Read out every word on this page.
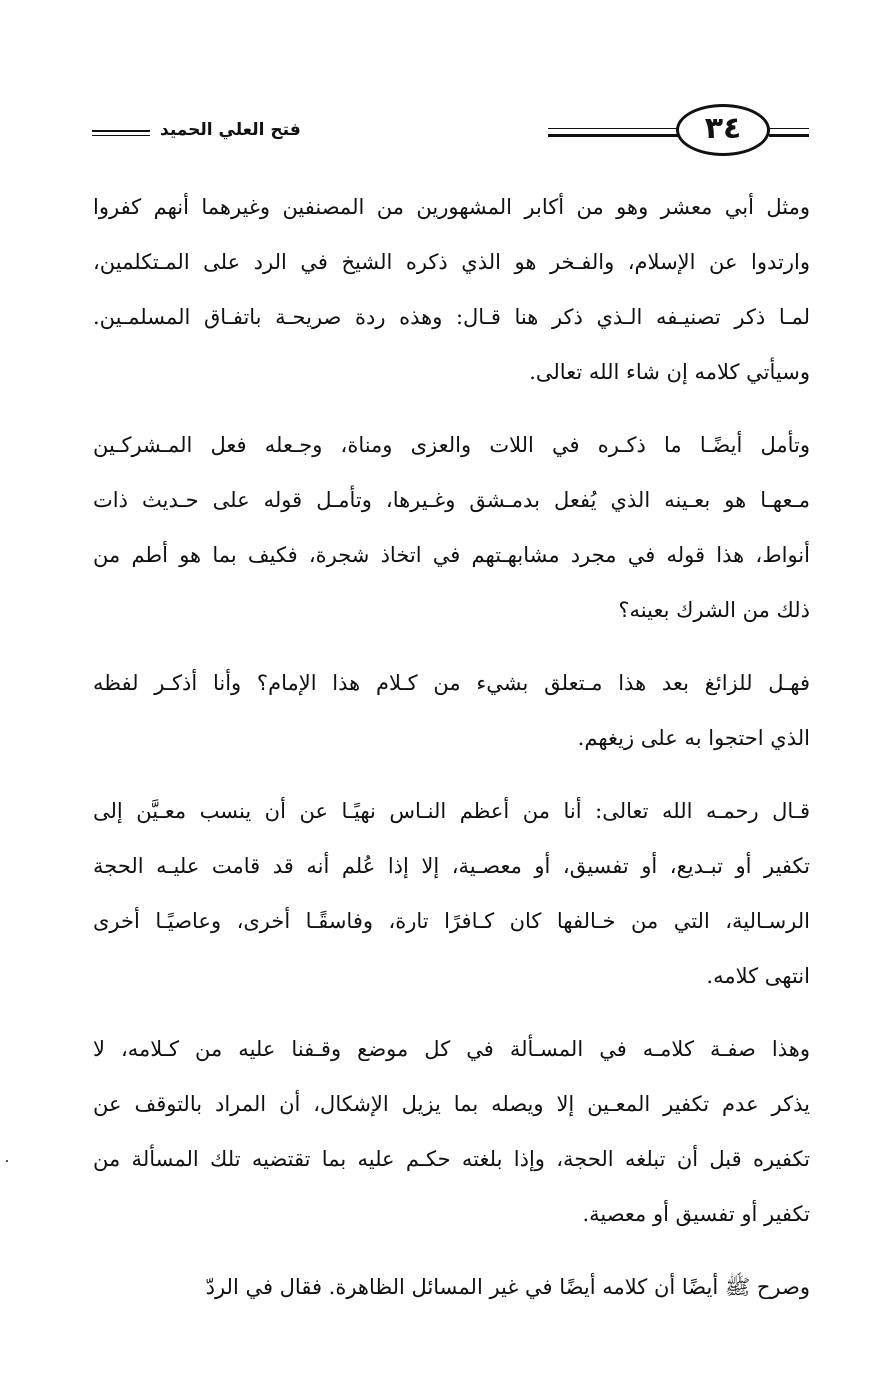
فتح العلي الحميد	٣٤

ومثل أبي معشر وهو من أكابر المشهورين من المصنفين وغيرهما أنهم كفروا
وارتدوا عن الإسلام، والفـخر هو الذي ذكره الشيخ في الرد على المـتكلمين،
لمـا ذكر تصنيـفه الـذي ذكر هنا قـال: وهذه ردة صريحـة باتفـاق المسلمـين.
وسيأتي كلامه إن شاء الله تعالى.

وتأمل أيضًـا ما ذكـره في اللات والعزى ومناة، وجـعله فعل المـشركـين
مـعهـا هو بعـينه الذي يُفعل بدمـشق وغـيرها، وتأمـل قوله على حـديث ذات
أنواط، هذا قوله في مجرد مشابهـتهم في اتخاذ شجرة، فكيف بما هو أطم من
ذلك من الشرك بعينه؟

فهـل للزائغ بعد هذا مـتعلق بشيء من كـلام هذا الإمام؟ وأنا أذكـر لفظه
الذي احتجوا به على زيغهم.

قـال رحمـه الله تعالى: أنا من أعظم النـاس نهيًـا عن أن ينسب معـيَّن إلى
تكفير أو تبـديع، أو تفسيق، أو معصـية، إلا إذا عُلم أنه قد قامت عليـه الحجة
الرسـالية، التي من خـالفها كان كـافرًا تارة، وفاسقًـا أخرى، وعاصيًـا أخرى
انتهى كلامه.

وهذا صفـة كلامـه في المسـألة في كل موضع وقـفنا عليه من كـلامه، لا
يذكر عدم تكفير المعـين إلا ويصله بما يزيل الإشكال، أن المراد بالتوقف عن
تكفيره قبل أن تبلغه الحجة، وإذا بلغته حكـم عليه بما تقتضيه تلك المسألة من
تكفير أو تفسيق أو معصية.

وصرح ﷺ أيضًا أن كلامه أيضًا في غير المسائل الظاهرة. فقال في الردّ
